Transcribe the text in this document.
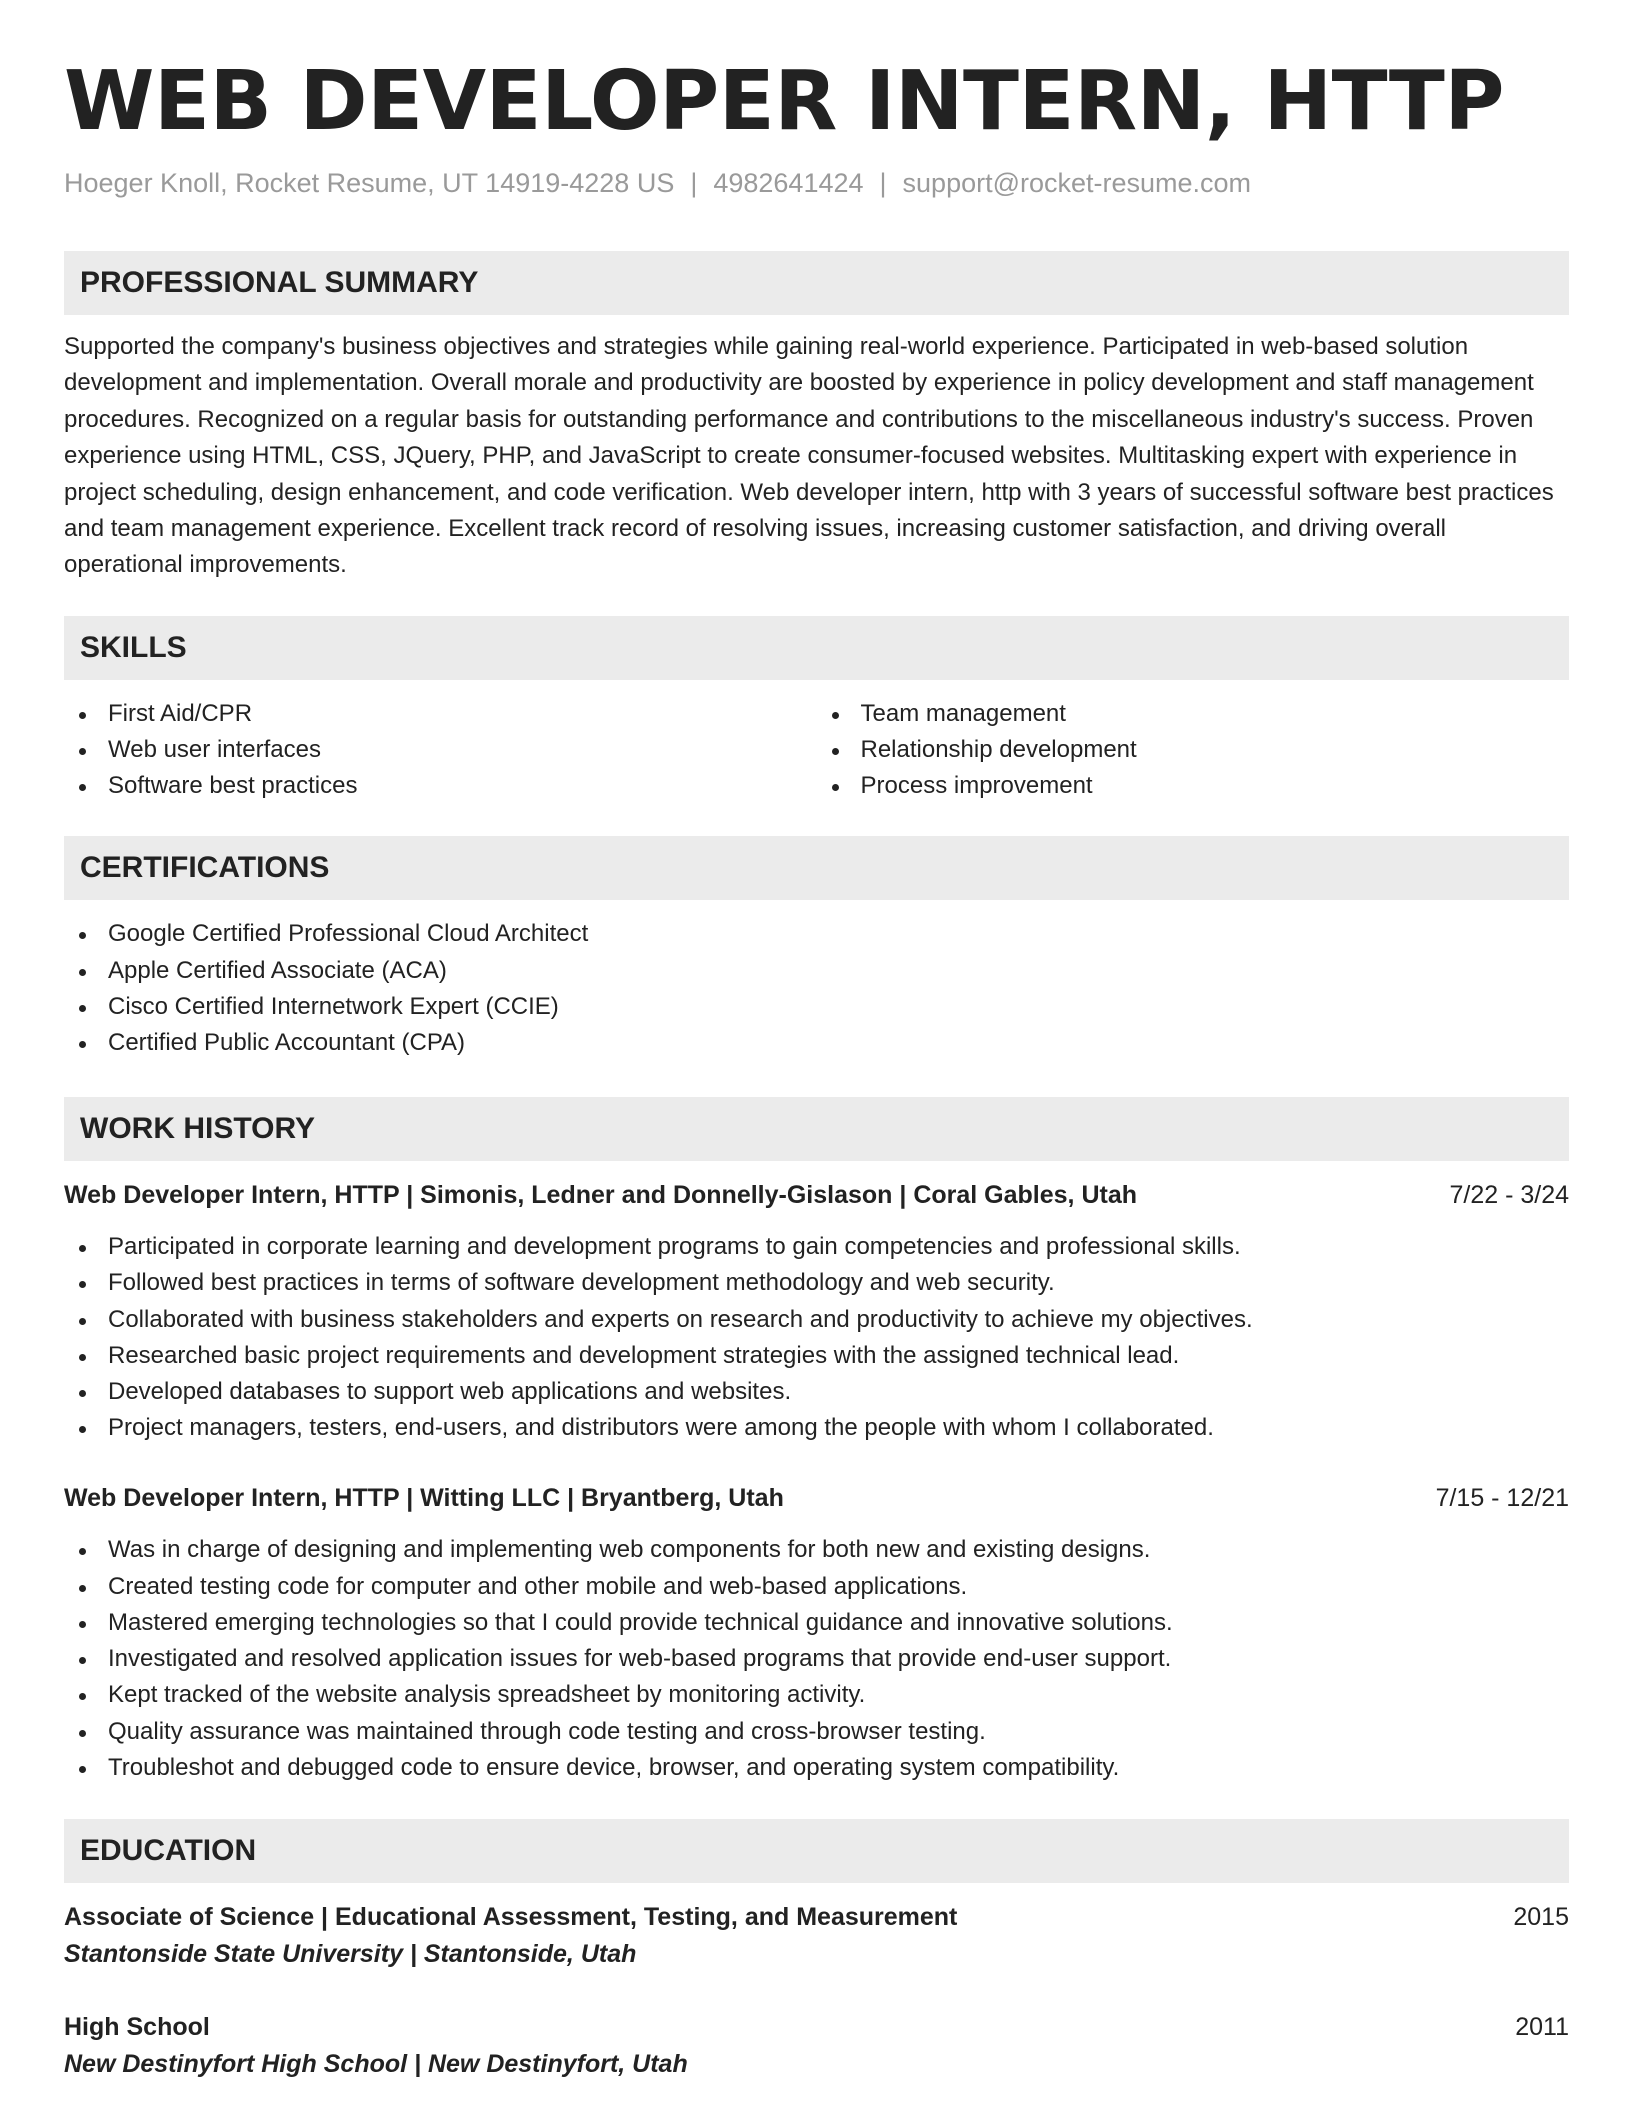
WEB DEVELOPER INTERN, HTTP
Hoeger Knoll, Rocket Resume, UT 14919-4228 US | 4982641424 | support@rocket-resume.com
PROFESSIONAL SUMMARY
Supported the company's business objectives and strategies while gaining real-world experience. Participated in web-based solution development and implementation. Overall morale and productivity are boosted by experience in policy development and staff management procedures. Recognized on a regular basis for outstanding performance and contributions to the miscellaneous industry's success. Proven experience using HTML, CSS, JQuery, PHP, and JavaScript to create consumer-focused websites. Multitasking expert with experience in project scheduling, design enhancement, and code verification. Web developer intern, http with 3 years of successful software best practices and team management experience. Excellent track record of resolving issues, increasing customer satisfaction, and driving overall operational improvements.
SKILLS
First Aid/CPR
Web user interfaces
Software best practices
Team management
Relationship development
Process improvement
CERTIFICATIONS
Google Certified Professional Cloud Architect
Apple Certified Associate (ACA)
Cisco Certified Internetwork Expert (CCIE)
Certified Public Accountant (CPA)
WORK HISTORY
Web Developer Intern, HTTP | Simonis, Ledner and Donnelly-Gislason | Coral Gables, Utah	7/22 - 3/24
Participated in corporate learning and development programs to gain competencies and professional skills.
Followed best practices in terms of software development methodology and web security.
Collaborated with business stakeholders and experts on research and productivity to achieve my objectives.
Researched basic project requirements and development strategies with the assigned technical lead.
Developed databases to support web applications and websites.
Project managers, testers, end-users, and distributors were among the people with whom I collaborated.
Web Developer Intern, HTTP | Witting LLC | Bryantberg, Utah	7/15 - 12/21
Was in charge of designing and implementing web components for both new and existing designs.
Created testing code for computer and other mobile and web-based applications.
Mastered emerging technologies so that I could provide technical guidance and innovative solutions.
Investigated and resolved application issues for web-based programs that provide end-user support.
Kept tracked of the website analysis spreadsheet by monitoring activity.
Quality assurance was maintained through code testing and cross-browser testing.
Troubleshot and debugged code to ensure device, browser, and operating system compatibility.
EDUCATION
Associate of Science | Educational Assessment, Testing, and Measurement	2015
Stantonside State University | Stantonside, Utah
High School	2011
New Destinyfort High School | New Destinyfort, Utah
